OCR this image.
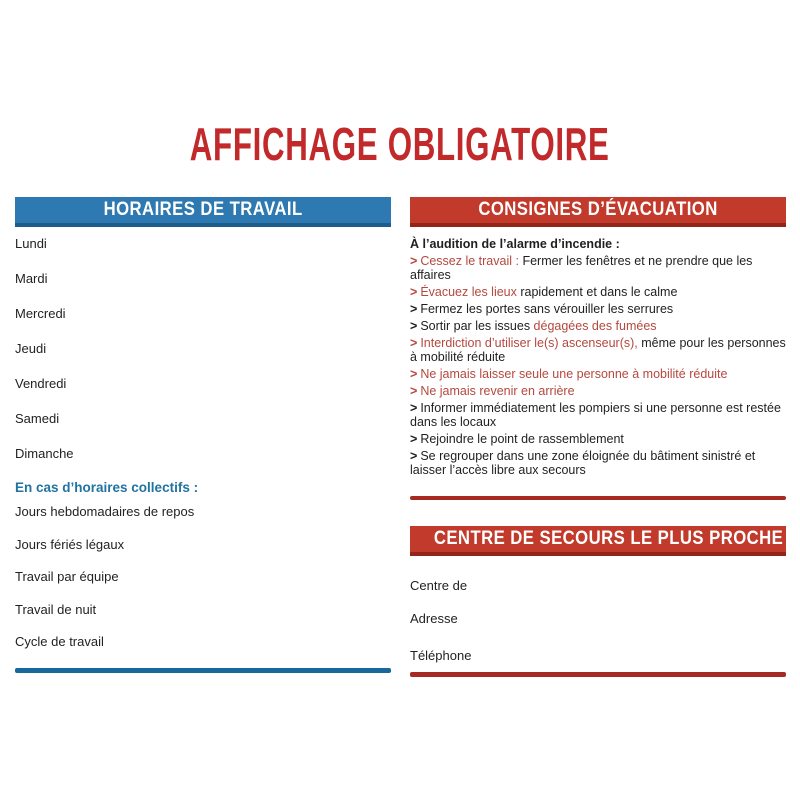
AFFICHAGE OBLIGATOIRE
HORAIRES DE TRAVAIL
Lundi
Mardi
Mercredi
Jeudi
Vendredi
Samedi
Dimanche
En cas d’horaires collectifs :
Jours hebdomadaires de repos
Jours fériés légaux
Travail par équipe
Travail de nuit
Cycle de travail
CONSIGNES D’ÉVACUATION
À l’audition de l’alarme d’incendie :
> Cessez le travail : Fermer les fenêtres et ne prendre que les affaires
> Évacuez les lieux rapidement et dans le calme
> Fermez les portes sans vérouiller les serrures
> Sortir par les issues dégagées des fumées
> Interdiction d’utiliser le(s) ascenseur(s), même pour les personnes à mobilité réduite
> Ne jamais laisser seule une personne à mobilité réduite
> Ne jamais revenir en arrière
> Informer immédiatement les pompiers si une personne est restée dans les locaux
> Rejoindre le point de rassemblement
> Se regrouper dans une zone éloignée du bâtiment sinistré et laisser l’accès libre aux secours
CENTRE DE SECOURS LE PLUS PROCHE
Centre de
Adresse
Téléphone
